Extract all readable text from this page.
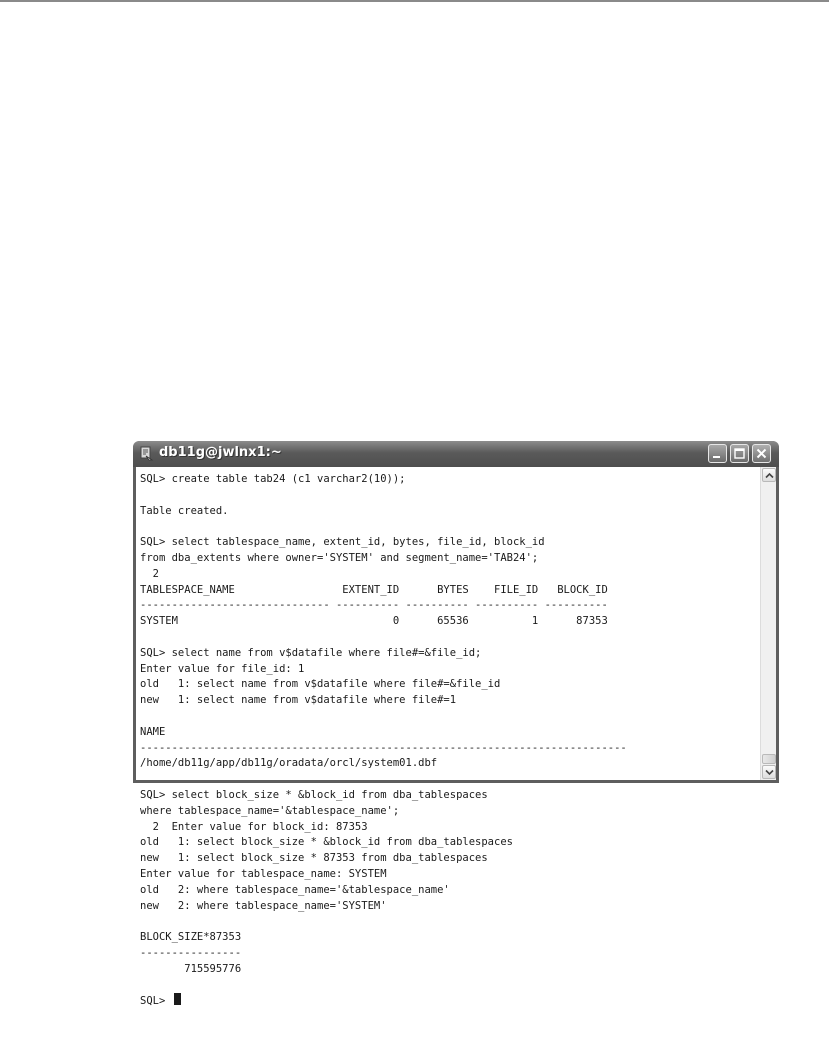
db11g@jwlnx1:~
SQL> create table tab24 (c1 varchar2(10));
Table created.
SQL> select tablespace_name, extent_id, bytes, file_id, block_id
from dba_extents where owner='SYSTEM' and segment_name='TAB24';
2
TABLESPACE_NAME                 EXTENT_ID      BYTES    FILE_ID   BLOCK_ID
------------------------------ ---------- ---------- ---------- ----------
SYSTEM                                  0      65536          1      87353
SQL> select name from v$datafile where file#=&file_id;
Enter value for file_id: 1
old   1: select name from v$datafile where file#=&file_id
new   1: select name from v$datafile where file#=1
NAME
-----------------------------------------------------------------------------
/home/db11g/app/db11g/oradata/orcl/system01.dbf
SQL> select block_size * &block_id from dba_tablespaces
where tablespace_name='&tablespace_name';
2  Enter value for block_id: 87353
old   1: select block_size * &block_id from dba_tablespaces
new   1: select block_size * 87353 from dba_tablespaces
Enter value for tablespace_name: SYSTEM
old   2: where tablespace_name='&tablespace_name'
new   2: where tablespace_name='SYSTEM'
BLOCK_SIZE*87353
----------------
715595776
SQL>
